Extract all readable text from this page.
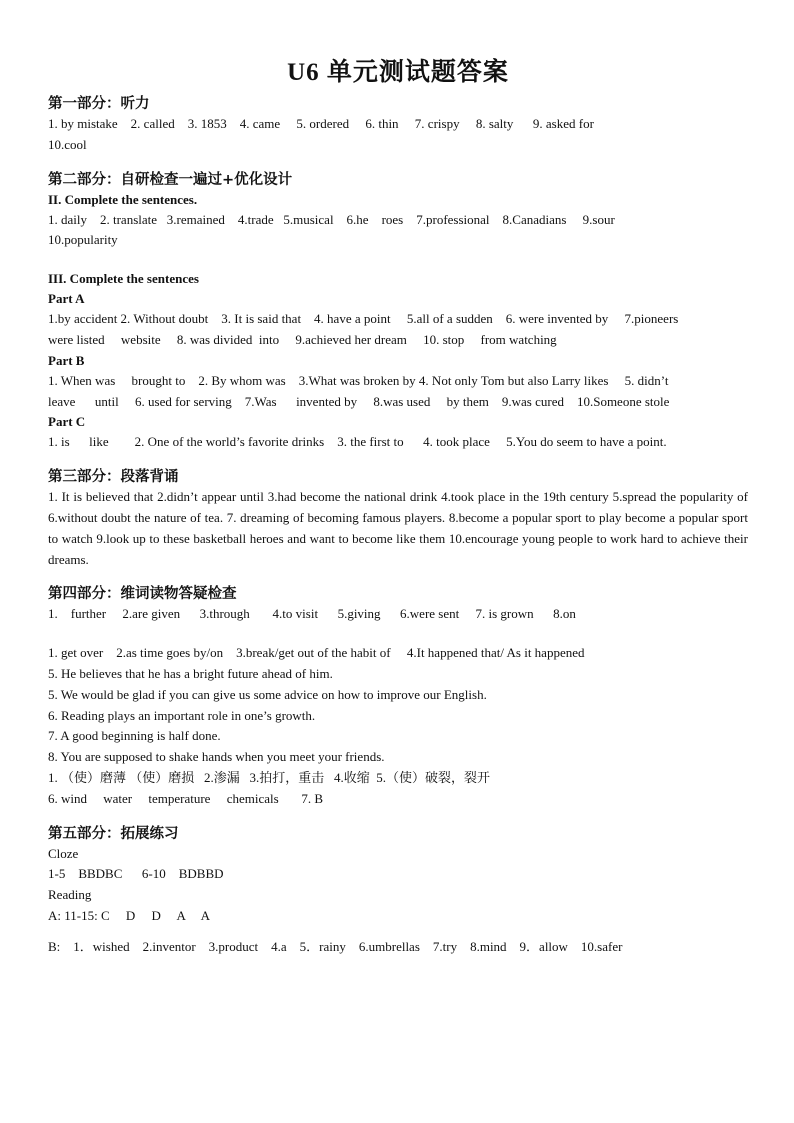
U6 单元测试题答案

第一部分：听力

1. by mistake    2. called    3. 1853    4. came     5. ordered     6. thin     7. crispy     8. salty      9. asked for

10.cool

第二部分：自研检查一遍过+优化设计

II. Complete the sentences.

1. daily    2. translate   3.remained    4.trade   5.musical    6.he    roes    7.professional    8.Canadians     9.sour

10.popularity

III. Complete the sentences

Part A

1.by accident 2. Without doubt    3. It is said that    4. have a point     5.all of a sudden    6. were invented by     7.pioneers

were listed     website     8. was divided  into     9.achieved her dream     10. stop     from watching

Part B

1. When was     brought to    2. By whom was    3.What was broken by 4. Not only Tom but also Larry likes     5. didn’t

leave      until     6. used for serving    7.Was      invented by     8.was used     by them    9.was cured    10.Someone stole

Part C

1. is      like        2. One of the world’s favorite drinks    3. the first to      4. took place     5.You do seem to have a point.

第三部分：段落背诵

1. It is believed that 2.didn’t appear until 3.had become the national drink 4.took place in the 19th century 5.spread the popularity of 6.without doubt the nature of tea. 7. dreaming of becoming famous players. 8.become a popular sport to play become a popular sport to watch 9.look up to these basketball heroes and want to become like them 10.encourage young people to work hard to achieve their dreams.

第四部分：维词读物答疑检查

1.    further     2.are given      3.through       4.to visit      5.giving      6.were sent     7. is grown      8.on

1. get over    2.as time goes by/on    3.break/get out of the habit of     4.It happened that/ As it happened

5. He believes that he has a bright future ahead of him.

5. We would be glad if you can give us some advice on how to improve our English.

6. Reading plays an important role in one’s growth.

7. A good beginning is half done.

8. You are supposed to shake hands when you meet your friends.

1. （使）磨薄 （使）磨损   2.渗漏   3.拍打，重击   4.收缩  5.（使）破裂，裂开

6. wind     water     temperature     chemicals       7. B

第五部分：拓展练习

Cloze

1-5    BBDBC      6-10    BDBBD

Reading

A: 11-15: C     D     D     A     A

B:    1．wished    2.inventor    3.product    4.a    5．rainy    6.umbrellas    7.try    8.mind    9．allow    10.safer
